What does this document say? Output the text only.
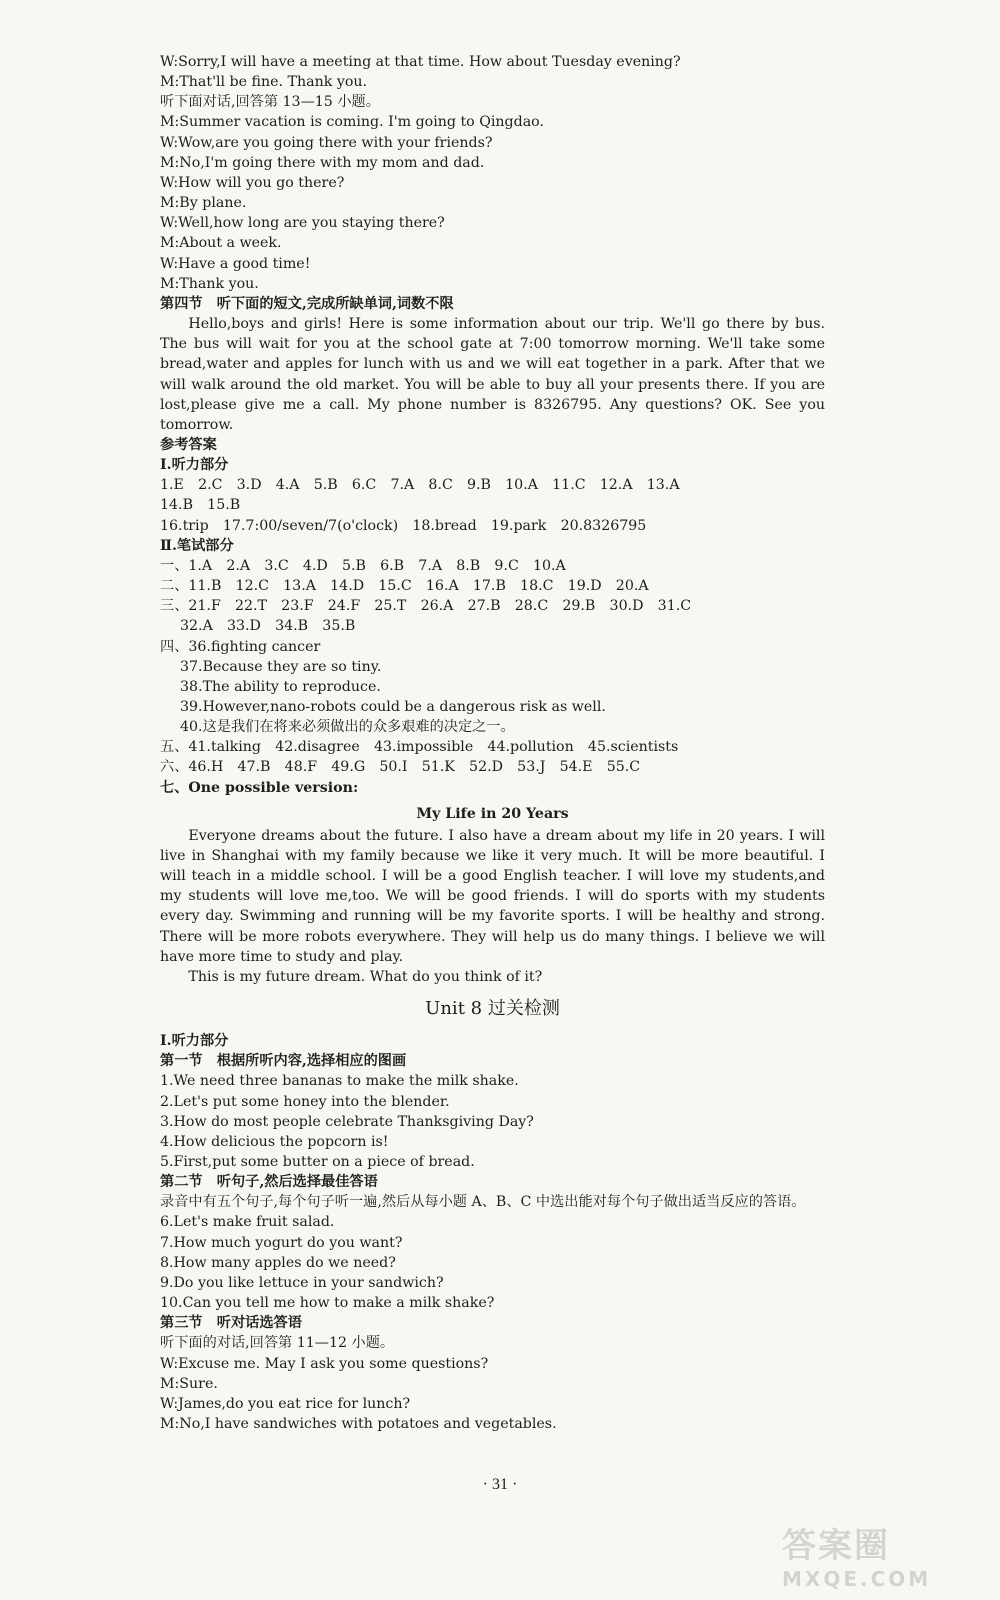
W:Sorry,I will have a meeting at that time. How about Tuesday evening?
M:That'll be fine. Thank you.
听下面对话,回答第 13—15 小题。
M:Summer vacation is coming. I'm going to Qingdao.
W:Wow,are you going there with your friends?
M:No,I'm going there with my mom and dad.
W:How will you go there?
M:By plane.
W:Well,how long are you staying there?
M:About a week.
W:Have a good time!
M:Thank you.
第四节　听下面的短文,完成所缺单词,词数不限
Hello,boys and girls! Here is some information about our trip. We'll go there by bus. The bus will wait for you at the school gate at 7:00 tomorrow morning. We'll take some bread,water and apples for lunch with us and we will eat together in a park. After that we will walk around the old market. You will be able to buy all your presents there. If you are lost,please give me a call. My phone number is 8326795. Any questions? OK. See you tomorrow.
参考答案
Ⅰ.听力部分
1.E　2.C　3.D　4.A　5.B　6.C　7.A　8.C　9.B　10.A　11.C　12.A　13.A
14.B　15.B
16.trip　17.7:00/seven/7(o'clock)　18.bread　19.park　20.8326795
Ⅱ.笔试部分
一、1.A　2.A　3.C　4.D　5.B　6.B　7.A　8.B　9.C　10.A
二、11.B　12.C　13.A　14.D　15.C　16.A　17.B　18.C　19.D　20.A
三、21.F　22.T　23.F　24.F　25.T　26.A　27.B　28.C　29.B　30.D　31.C
32.A　33.D　34.B　35.B
四、36.fighting cancer
37.Because they are so tiny.
38.The ability to reproduce.
39.However,nano-robots could be a dangerous risk as well.
40.这是我们在将来必须做出的众多艰难的决定之一。
五、41.talking　42.disagree　43.impossible　44.pollution　45.scientists
六、46.H　47.B　48.F　49.G　50.I　51.K　52.D　53.J　54.E　55.C
七、One possible version:
My Life in 20 Years
Everyone dreams about the future. I also have a dream about my life in 20 years. I will live in Shanghai with my family because we like it very much. It will be more beautiful. I will teach in a middle school. I will be a good English teacher. I will love my students,and my students will love me,too. We will be good friends. I will do sports with my students every day. Swimming and running will be my favorite sports. I will be healthy and strong. There will be more robots everywhere. They will help us do many things. I believe we will have more time to study and play.
This is my future dream. What do you think of it?
Unit 8 过关检测
Ⅰ.听力部分
第一节　根据所听内容,选择相应的图画
1.We need three bananas to make the milk shake.
2.Let's put some honey into the blender.
3.How do most people celebrate Thanksgiving Day?
4.How delicious the popcorn is!
5.First,put some butter on a piece of bread.
第二节　听句子,然后选择最佳答语
录音中有五个句子,每个句子听一遍,然后从每小题 A、B、C 中选出能对每个句子做出适当反应的答语。
6.Let's make fruit salad.
7.How much yogurt do you want?
8.How many apples do we need?
9.Do you like lettuce in your sandwich?
10.Can you tell me how to make a milk shake?
第三节　听对话选答语
听下面的对话,回答第 11—12 小题。
W:Excuse me. May I ask you some questions?
M:Sure.
W:James,do you eat rice for lunch?
M:No,I have sandwiches with potatoes and vegetables.
· 31 ·
答案圈
MXQE.COM
